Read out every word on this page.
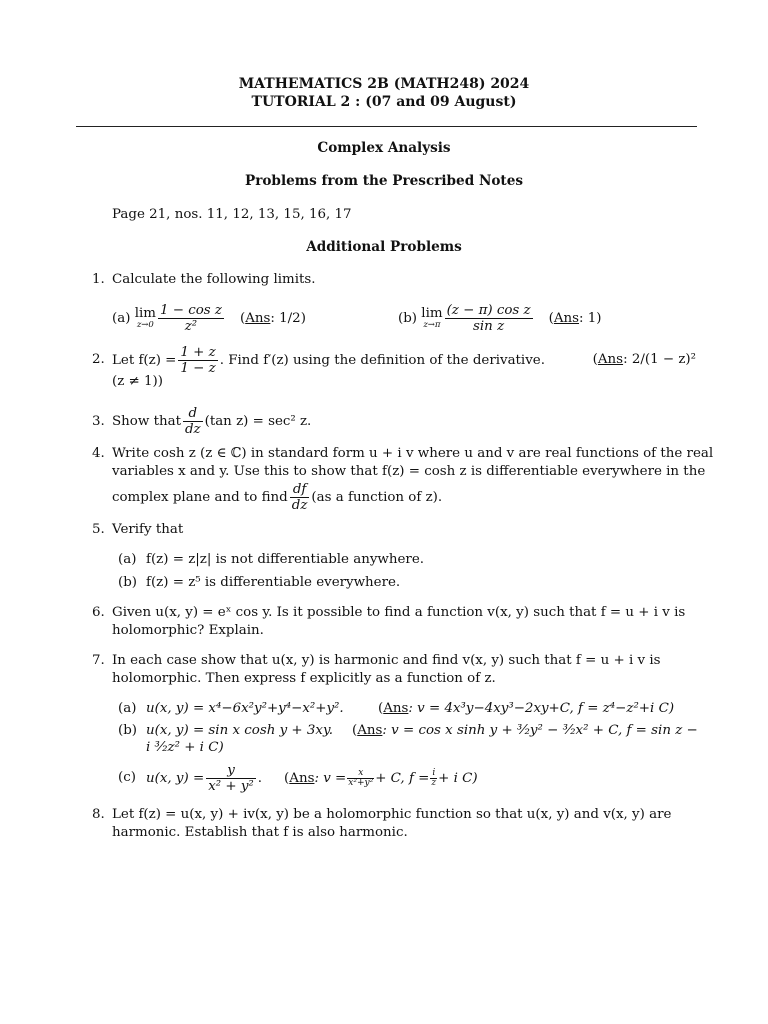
MATHEMATICS 2B (MATH248) 2024
TUTORIAL 2 : (07 and 09 August)
Complex Analysis
Problems from the Prescribed Notes
Page 21, nos. 11, 12, 13, 15, 16, 17
Additional Problems
1. Calculate the following limits.
(a)
lim
$z\to 0 \frac{\text{1 − cos z}}{\text{z²}} (Ans$: 1/2)	(b)
lim
$z\to\pi \frac{\text{(z − π) cos z}}{\text{sin z}} (Ans$: 1)
2. Let $f(z) = \frac{1 + z}{1 - z}$ . Find f′(z) using the definition of the derivative.	(Ans: 2/(1 − z)²
(z ≠ 1))
3. Show that $\frac{d}{dz} (\tan$ z) = sec² z.
4. Write cosh z (z ∈ ℂ) in standard form u + i v where u and v are real functions of the real
variables x and y. Use this to show that f(z) = cosh z is differentiable everywhere in the
complex plane and to find $\frac{df}{dz} (as$ a function of z).
5. Verify that
(a) f(z) = z|z| is not differentiable anywhere.
(b) f(z) = z⁵ is differentiable everywhere.
6. Given u(x, y) = eˣ cos y. Is it possible to find a function v(x, y) such that f = u + i v is
holomorphic? Explain.
7. In each case show that u(x, y) is harmonic and find v(x, y) such that f = u + i v is
holomorphic. Then express f explicitly as a function of z.
(a) u(x, y) = x⁴−6x²y²+y⁴−x²+y².	(Ans: v = 4x³y−4xy³−2xy+C, f = z⁴−z²+i C)
(b) u(x, y) = sin x cosh y + 3xy. (Ans: v = cos x sinh y + ³⁄₂y² − ³⁄₂x² + C, f = sin z −
i ³⁄₂z² + i C)
(c) u(x, $y) = \frac{y}{\text{x² + y²}}$ . (Ans: $v = \frac{x}{\text{x²+y²}} + C$, $f = \frac{i}{z} + i$ C)
8. Let f(z) = u(x, y) + iv(x, y) be a holomorphic function so that u(x, y) and v(x, y) are
harmonic. Establish that f is also harmonic.
